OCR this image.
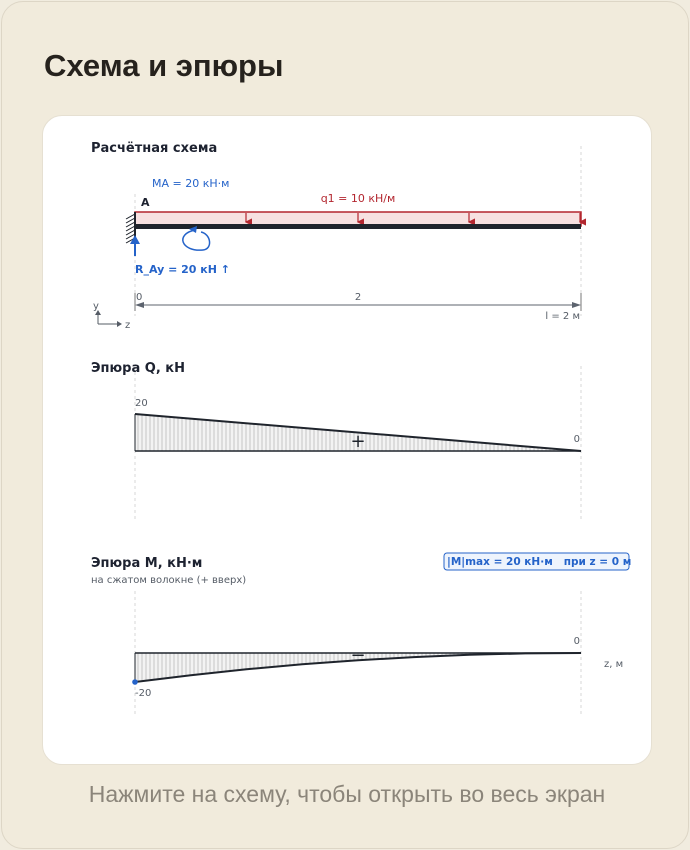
Схема и эпюры
Расчётная схема
q1 = 10 кН/м
A
MA = 20 кН·м
R_Ay = 20 кН ↑
0	2
l = 2 м
y
z
Эпюра Q, кН
20
0
+
Эпюра M, кН·м
на сжатом волокне (+ вверх)
|M|max = 20 кН·м   при z = 0 м
0
-20
−	z, м
Нажмите на схему, чтобы открыть во весь экран
